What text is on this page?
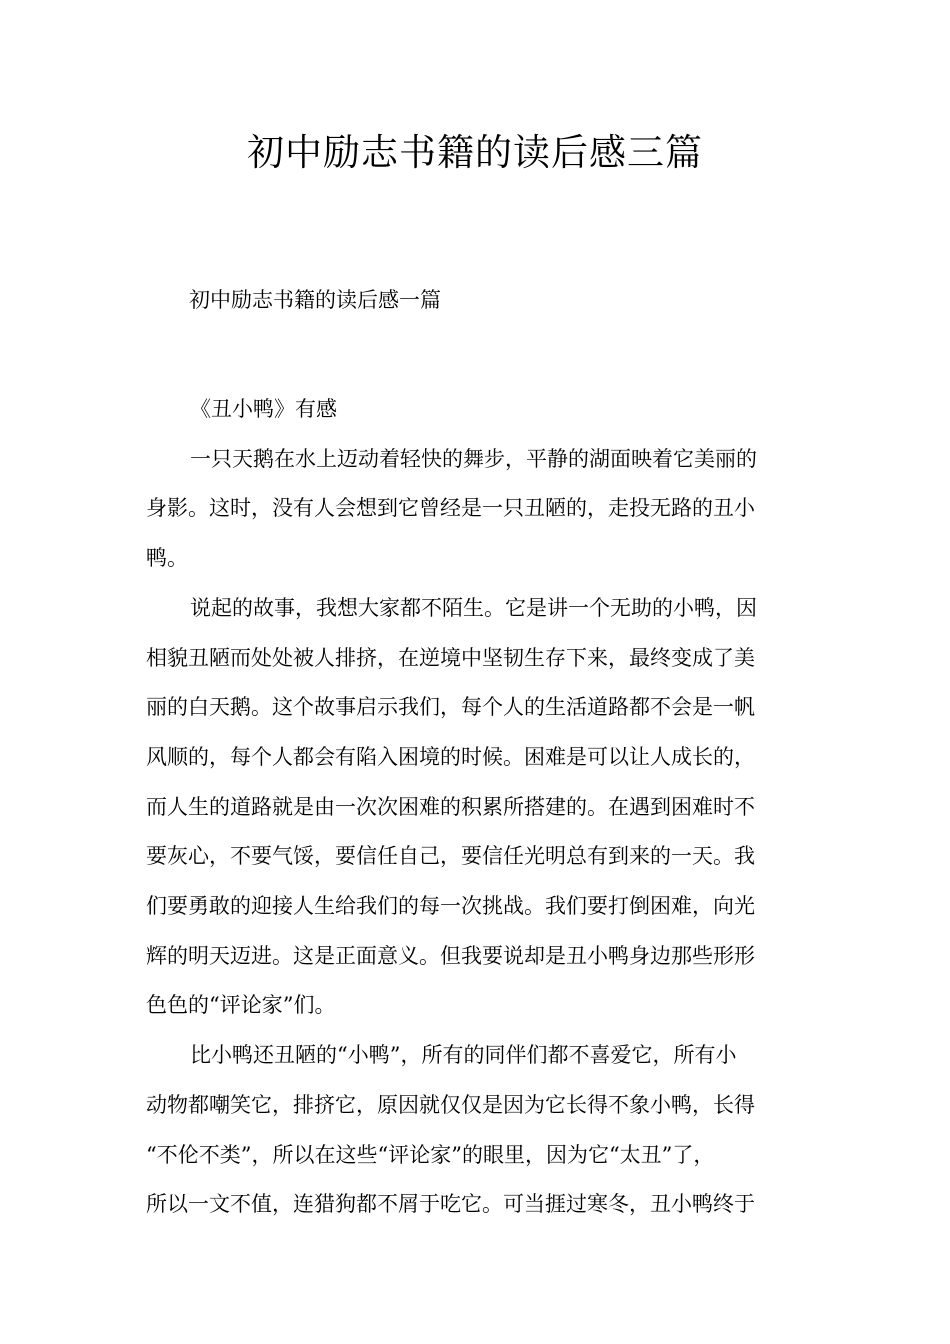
初中励志书籍的读后感三篇
初中励志书籍的读后感一篇
《丑小鸭》有感
一只天鹅在水上迈动着轻快的舞步，平静的湖面映着它美丽的
身影。这时，没有人会想到它曾经是一只丑陋的，走投无路的丑小
鸭。
说起的故事，我想大家都不陌生。它是讲一个无助的小鸭，因
相貌丑陋而处处被人排挤，在逆境中坚韧生存下来，最终变成了美
丽的白天鹅。这个故事启示我们，每个人的生活道路都不会是一帆
风顺的，每个人都会有陷入困境的时候。困难是可以让人成长的，
而人生的道路就是由一次次困难的积累所搭建的。在遇到困难时不
要灰心，不要气馁，要信任自己，要信任光明总有到来的一天。我
们要勇敢的迎接人生给我们的每一次挑战。我们要打倒困难，向光
辉的明天迈进。这是正面意义。但我要说却是丑小鸭身边那些形形
色色的“评论家”们。
比小鸭还丑陋的“小鸭”，所有的同伴们都不喜爱它，所有小
动物都嘲笑它，排挤它，原因就仅仅是因为它长得不象小鸭，长得
“不伦不类”，所以在这些“评论家”的眼里，因为它“太丑”了，
所以一文不值，连猎狗都不屑于吃它。可当捱过寒冬，丑小鸭终于
